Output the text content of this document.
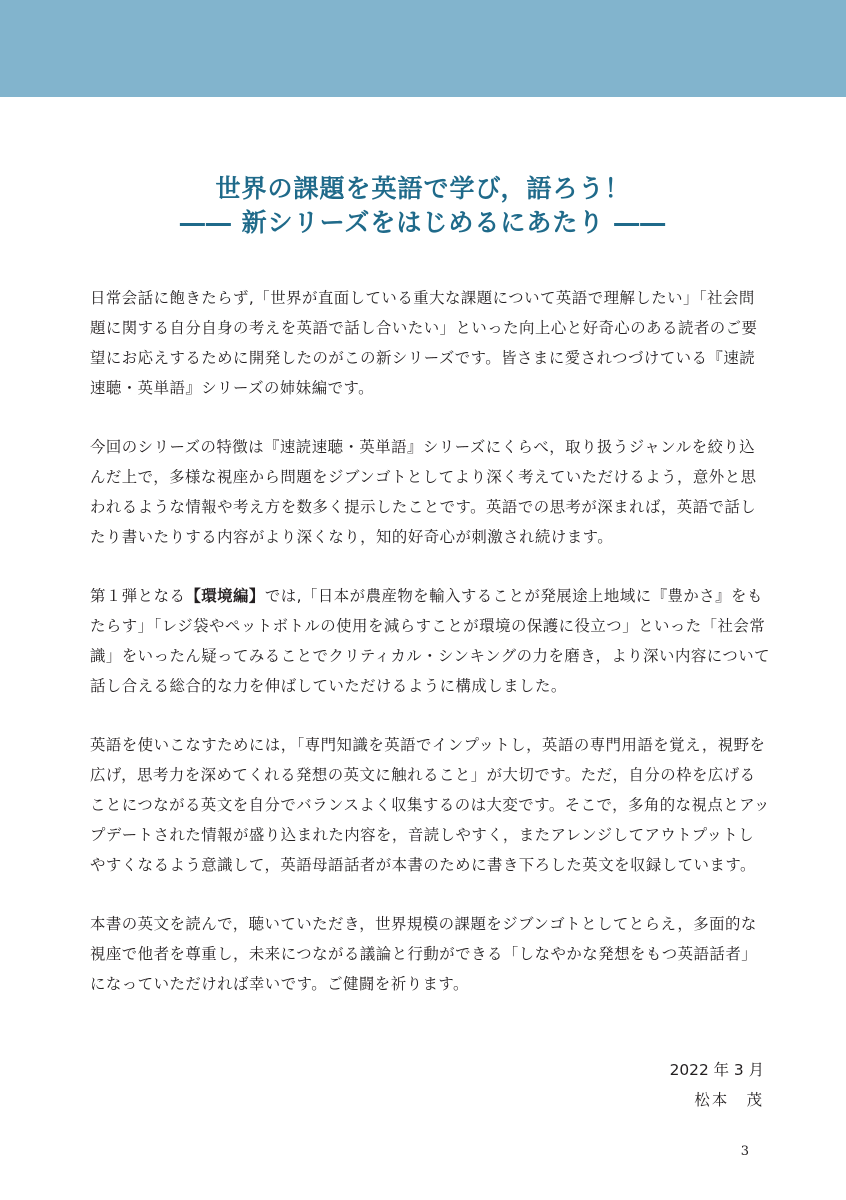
世界の課題を英語で学び，語ろう！
―― 新シリーズをはじめるにあたり ――

日常会話に飽きたらず,「世界が直面している重大な課題について英語で理解したい」「社会問題に関する自分自身の考えを英語で話し合いたい」といった向上心と好奇心のある読者のご要望にお応えするために開発したのがこの新シリーズです。皆さまに愛されつづけている『速読速聴・英単語』シリーズの姉妹編です。

今回のシリーズの特徴は『速読速聴・英単語』シリーズにくらべ，取り扱うジャンルを絞り込んだ上で，多様な視座から問題をジブンゴトとしてより深く考えていただけるよう，意外と思われるような情報や考え方を数多く提示したことです。英語での思考が深まれば，英語で話したり書いたりする内容がより深くなり，知的好奇心が刺激され続けます。

第１弾となる【環境編】では,「日本が農産物を輸入することが発展途上地域に『豊かさ』をもたらす」「レジ袋やペットボトルの使用を減らすことが環境の保護に役立つ」といった「社会常識」をいったん疑ってみることでクリティカル・シンキングの力を磨き，より深い内容について話し合える総合的な力を伸ばしていただけるように構成しました。

英語を使いこなすためには，「専門知識を英語でインプットし，英語の専門用語を覚え，視野を広げ，思考力を深めてくれる発想の英文に触れること」が大切です。ただ，自分の枠を広げることにつながる英文を自分でバランスよく収集するのは大変です。そこで，多角的な視点とアップデートされた情報が盛り込まれた内容を，音読しやすく，またアレンジしてアウトプットしやすくなるよう意識して，英語母語話者が本書のために書き下ろした英文を収録しています。

本書の英文を読んで，聴いていただき，世界規模の課題をジブンゴトとしてとらえ，多面的な視座で他者を尊重し，未来につながる議論と行動ができる「しなやかな発想をもつ英語話者」になっていただければ幸いです。ご健闘を祈ります。

2022 年 3 月
松本　茂
3
